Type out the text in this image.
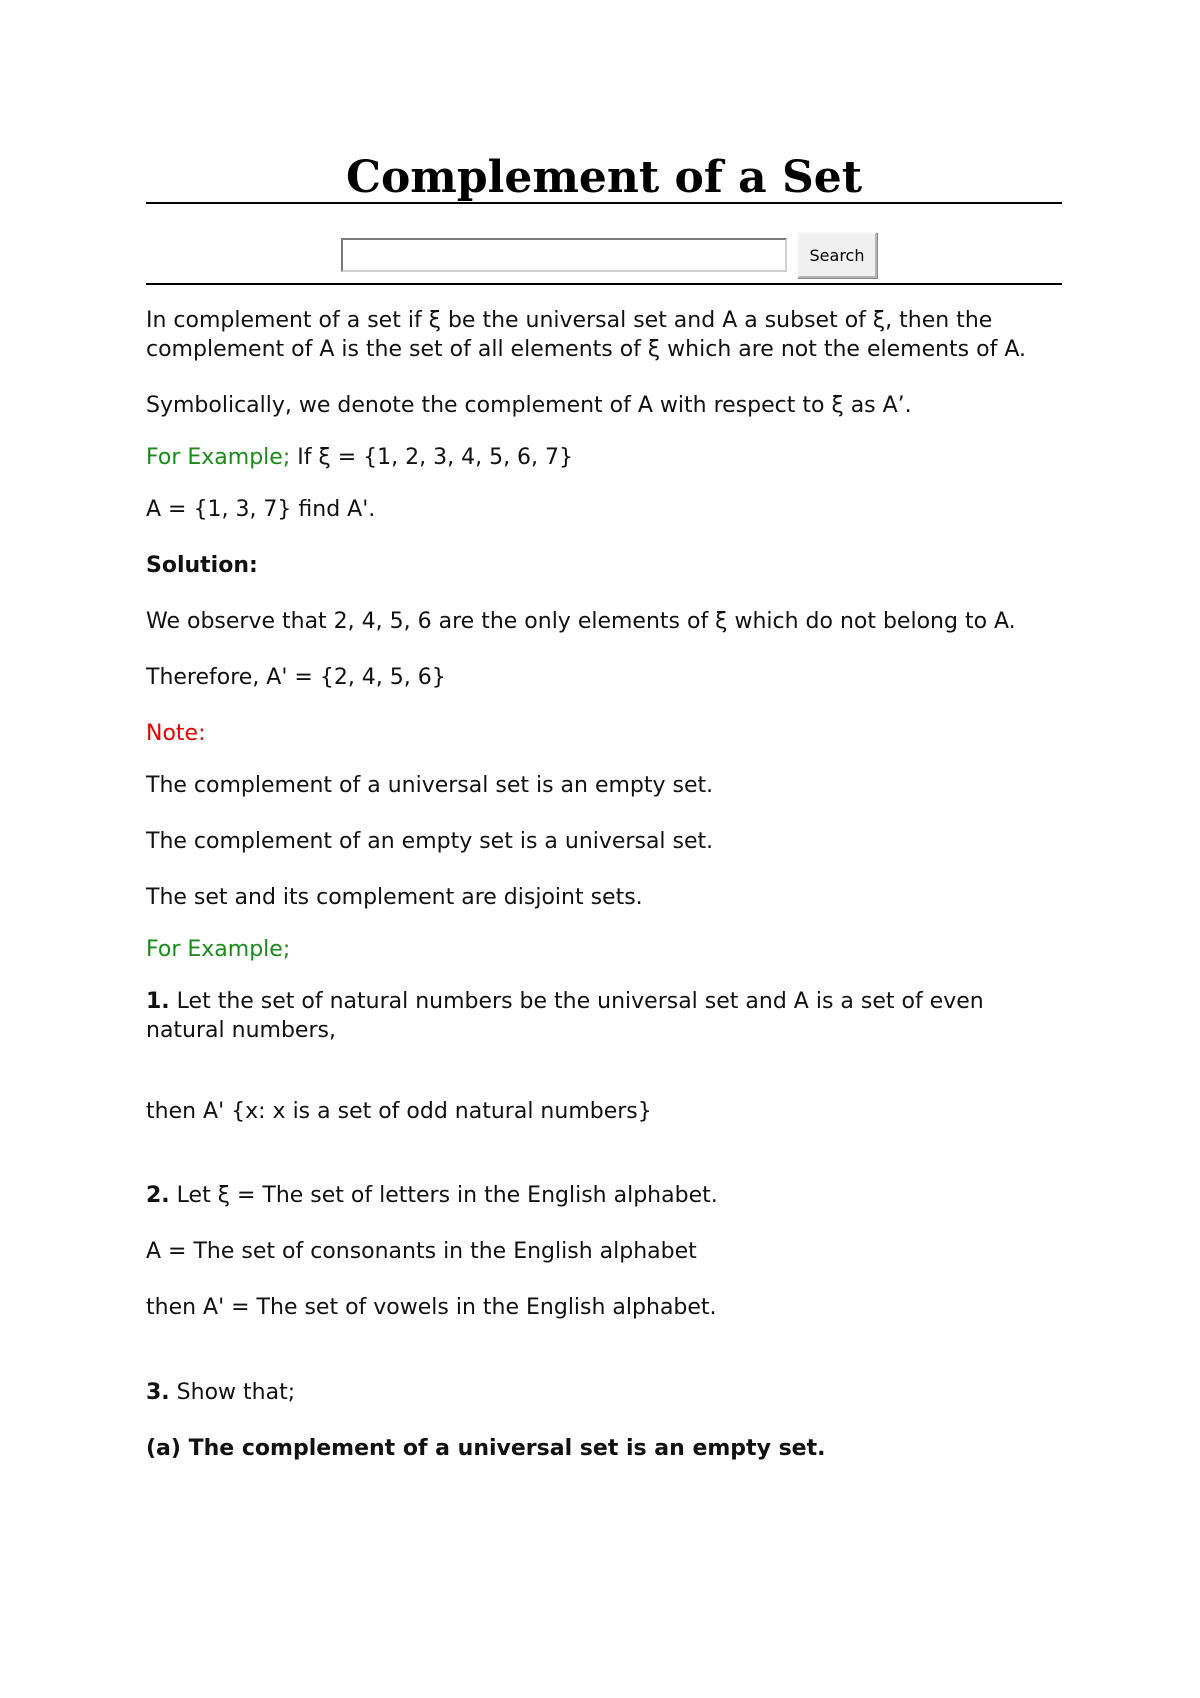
Complement of a Set
Search

In complement of a set if ξ be the universal set and A a subset of ξ, then the complement of A is the set of all elements of ξ which are not the elements of A.

Symbolically, we denote the complement of A with respect to ξ as A’.

For Example; If ξ = {1, 2, 3, 4, 5, 6, 7}

A = {1, 3, 7} find A'.

Solution:

We observe that 2, 4, 5, 6 are the only elements of ξ which do not belong to A.

Therefore, A' = {2, 4, 5, 6}

Note:

The complement of a universal set is an empty set.

The complement of an empty set is a universal set.

The set and its complement are disjoint sets.

For Example;

1. Let the set of natural numbers be the universal set and A is a set of even natural numbers,

then A' {x: x is a set of odd natural numbers}

2. Let ξ = The set of letters in the English alphabet.

A = The set of consonants in the English alphabet

then A' = The set of vowels in the English alphabet.

3. Show that;

(a) The complement of a universal set is an empty set.
